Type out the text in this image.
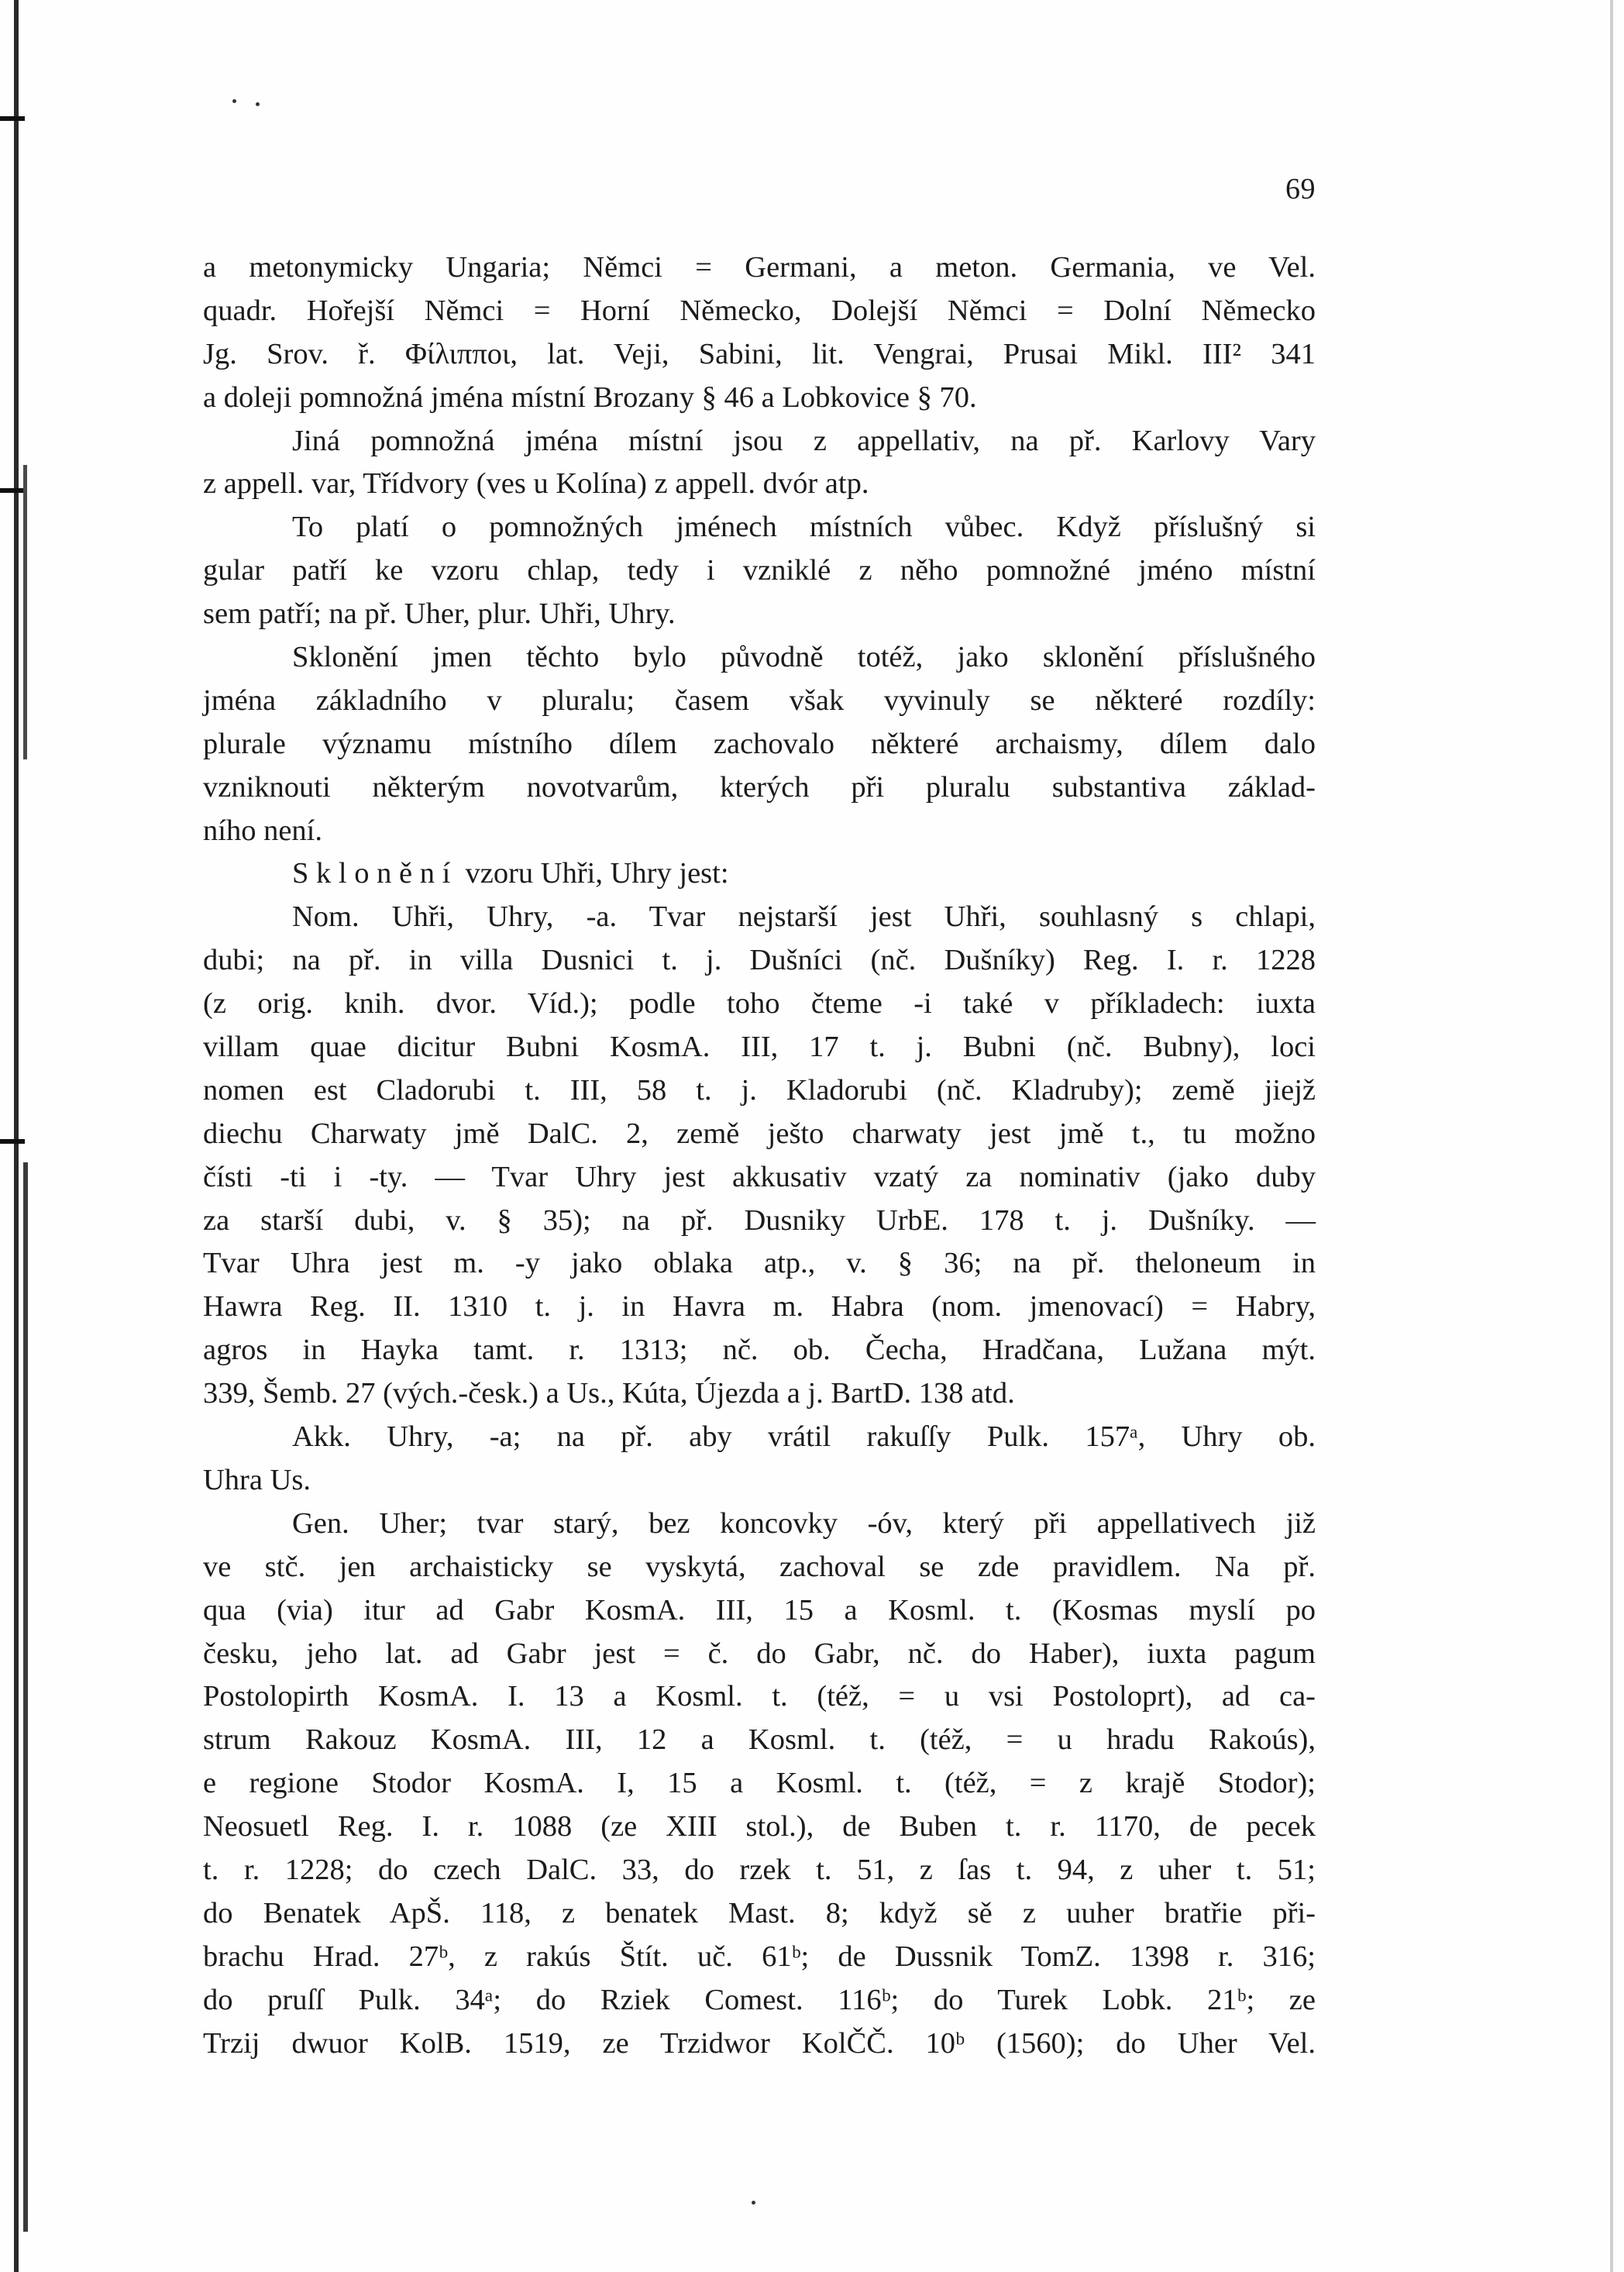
69
a metonymicky Ungaria; Němci = Germani, a meton. Germania, ve Vel.
quadr. Hořejší Němci = Horní Německo, Dolejší Němci = Dolní Německo
Jg. Srov. ř. Φίλιπποι, lat. Veji, Sabini, lit. Vengrai, Prusai Mikl. III² 341
a doleji pomnožná jména místní Brozany § 46 a Lobkovice § 70.
Jiná pomnožná jména místní jsou z appellativ, na př. Karlovy Vary
z appell. var, Třídvory (ves u Kolína) z appell. dvór atp.
To platí o pomnožných jménech místních vůbec. Když příslušný si
gular patří ke vzoru chlap, tedy i vzniklé z něho pomnožné jméno místní
sem patří; na př. Uher, plur. Uhři, Uhry.
Sklonění jmen těchto bylo původně totéž, jako sklonění příslušného
jména základního v pluralu; časem však vyvinuly se některé rozdíly:
plurale významu místního dílem zachovalo některé archaismy, dílem dalo
vzniknouti některým novotvarům, kterých při pluralu substantiva základ-
ního není.
S k l o n ě n í  vzoru Uhři, Uhry jest:
Nom. Uhři, Uhry, -a. Tvar nejstarší jest Uhři, souhlasný s chlapi,
dubi; na př. in villa Dusnici t. j. Dušníci (nč. Dušníky) Reg. I. r. 1228
(z orig. knih. dvor. Víd.); podle toho čteme -i také v příkladech: iuxta
villam quae dicitur Bubni KosmA. III, 17 t. j. Bubni (nč. Bubny), loci
nomen est Cladorubi t. III, 58 t. j. Kladorubi (nč. Kladruby); země jiejž
diechu Charwaty jmě DalC. 2, země ješto charwaty jest jmě t., tu možno
čísti -ti i -ty. — Tvar Uhry jest akkusativ vzatý za nominativ (jako duby
za starší dubi, v. § 35); na př. Dusniky UrbE. 178 t. j. Dušníky. —
Tvar Uhra jest m. -y jako oblaka atp., v. § 36; na př. theloneum in
Hawra Reg. II. 1310 t. j. in Havra m. Habra (nom. jmenovací) = Habry,
agros in Hayka tamt. r. 1313; nč. ob. Čecha, Hradčana, Lužana mýt.
339, Šemb. 27 (vých.-česk.) a Us., Kúta, Újezda a j. BartD. 138 atd.
Akk. Uhry, -a; na př. aby vrátil rakuſſy Pulk. 157ᵃ, Uhry ob.
Uhra Us.
Gen. Uher; tvar starý, bez koncovky -óv, který při appellativech již
ve stč. jen archaisticky se vyskytá, zachoval se zde pravidlem. Na př.
qua (via) itur ad Gabr KosmA. III, 15 a Kosml. t. (Kosmas myslí po
česku, jeho lat. ad Gabr jest = č. do Gabr, nč. do Haber), iuxta pagum
Postolopirth KosmA. I. 13 a Kosml. t. (též, = u vsi Postoloprt), ad ca-
strum Rakouz KosmA. III, 12 a Kosml. t. (též, = u hradu Rakoús),
e regione Stodor KosmA. I, 15 a Kosml. t. (též, = z krajě Stodor);
Neosuetl Reg. I. r. 1088 (ze XIII stol.), de Buben t. r. 1170, de pecek
t. r. 1228; do czech DalC. 33, do rzek t. 51, z ſas t. 94, z uher t. 51;
do Benatek ApŠ. 118, z benatek Mast. 8; když sě z uuher bratřie při-
brachu Hrad. 27ᵇ, z rakús Štít. uč. 61ᵇ; de Dussnik TomZ. 1398 r. 316;
do pruſſ Pulk. 34ᵃ; do Rziek Comest. 116ᵇ; do Turek Lobk. 21ᵇ; ze
Trzij dwuor KolB. 1519, ze Trzidwor KolČČ. 10ᵇ (1560); do Uher Vel.
